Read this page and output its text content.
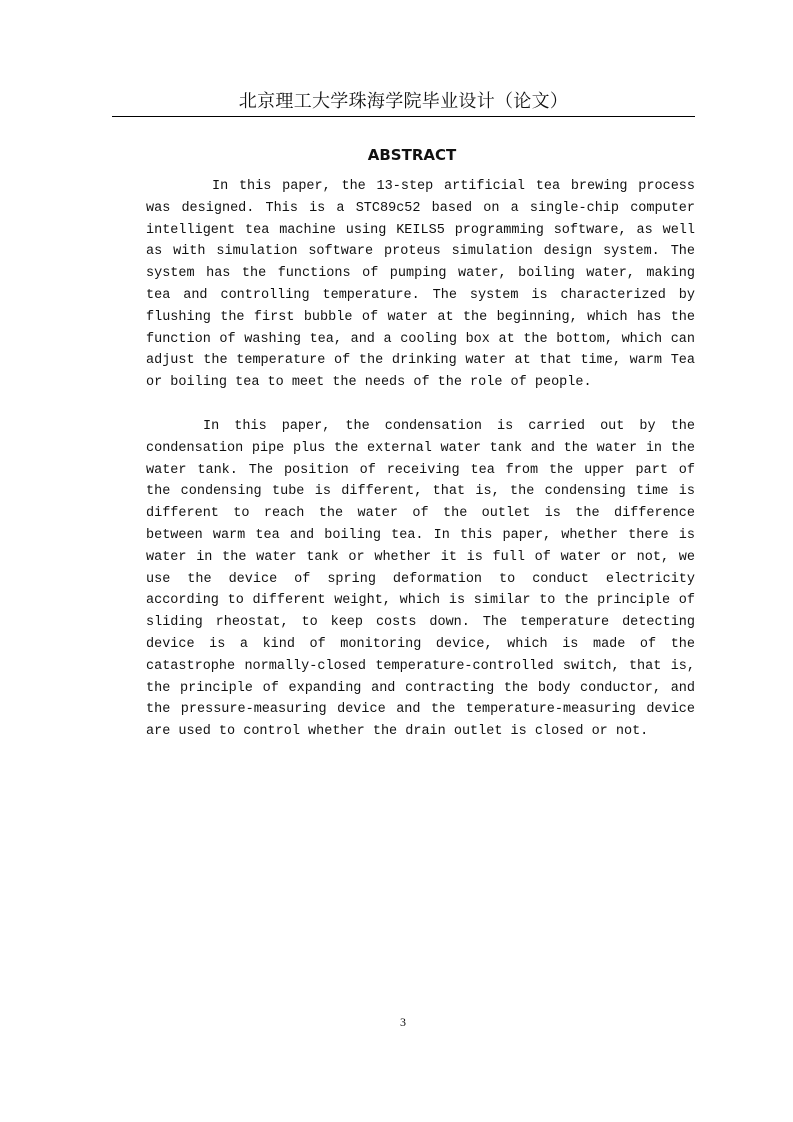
北京理工大学珠海学院毕业设计（论文）
ABSTRACT

In this paper, the 13-step artificial tea brewing process was designed. This is a STC89c52 based on a single-chip computer intelligent tea machine using KEILS5 programming software, as well as with simulation software proteus simulation design system. The system has the functions of pumping water, boiling water, making tea and controlling temperature. The system is characterized by flushing the first bubble of water at the beginning, which has the function of washing tea, and a cooling box at the bottom, which can adjust the temperature of the drinking water at that time, warm Tea or boiling tea to meet the needs of the role of people.

In this paper, the condensation is carried out by the condensation pipe plus the external water tank and the water in the water tank. The position of receiving tea from the upper part of the condensing tube is different, that is, the condensing time is different to reach the water of the outlet is the difference between warm tea and boiling tea. In this paper, whether there is water in the water tank or whether it is full of water or not, we use the device of spring deformation to conduct electricity according to different weight, which is similar to the principle of sliding rheostat, to keep costs down. The temperature detecting device is a kind of monitoring device, which is made of the catastrophe normally-closed temperature-controlled switch, that is, the principle of expanding and contracting the body conductor, and the pressure-measuring device and the temperature-measuring device are used to control whether the drain outlet is closed or not.

3
